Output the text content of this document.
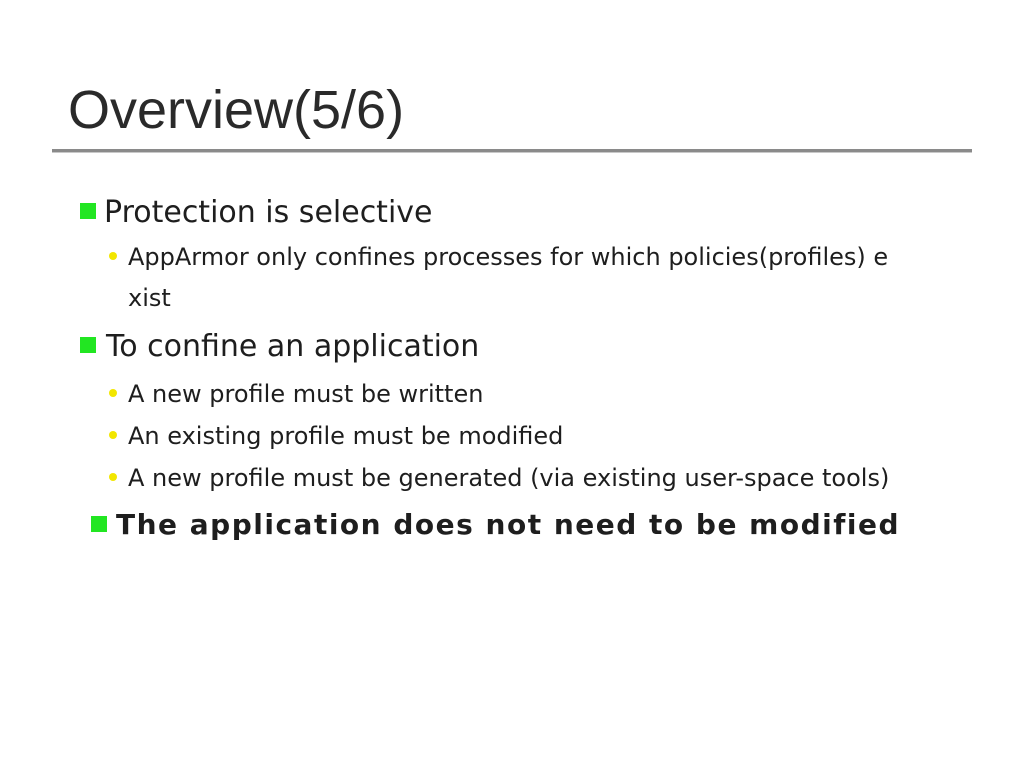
Overview(5/6)
Protection is selective
AppArmor only confines processes for which policies(profiles) e
xist
To confine an application
A new profile must be written
An existing profile must be modified
A new profile must be generated (via existing user-space tools)
The application does not need to be modified
